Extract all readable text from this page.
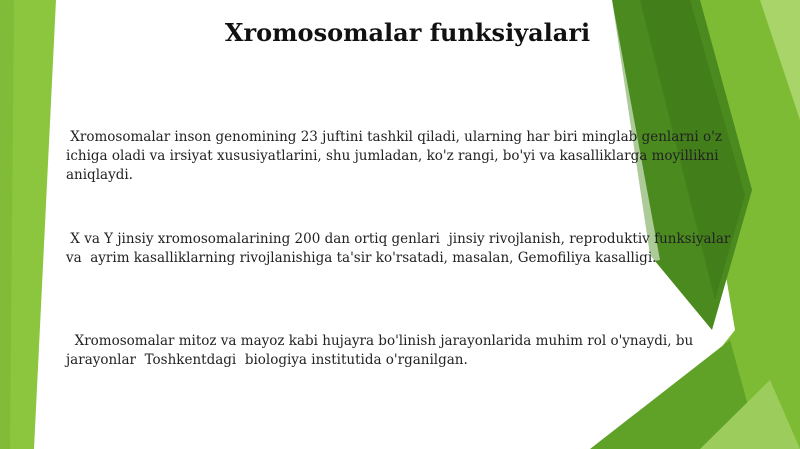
Xromosomalar funksiyalari

Xromosomalar inson genomining 23 juftini tashkil qiladi, ularning har biri minglab genlarni o'z ichiga oladi va irsiyat xususiyatlarini, shu jumladan, ko'z rangi, bo'yi va kasalliklarga moyillikni aniqlaydi.

X va Y jinsiy xromosomalarining 200 dan ortiq genlari  jinsiy rivojlanish, reproduktiv funksiyalar va  ayrim kasalliklarning rivojlanishiga ta'sir ko'rsatadi, masalan, Gemofiliya kasalligi.

Xromosomalar mitoz va mayoz kabi hujayra bo'linish jarayonlarida muhim rol o'ynaydi, bu jarayonlar  Toshkentdagi  biologiya institutida o'rganilgan.
